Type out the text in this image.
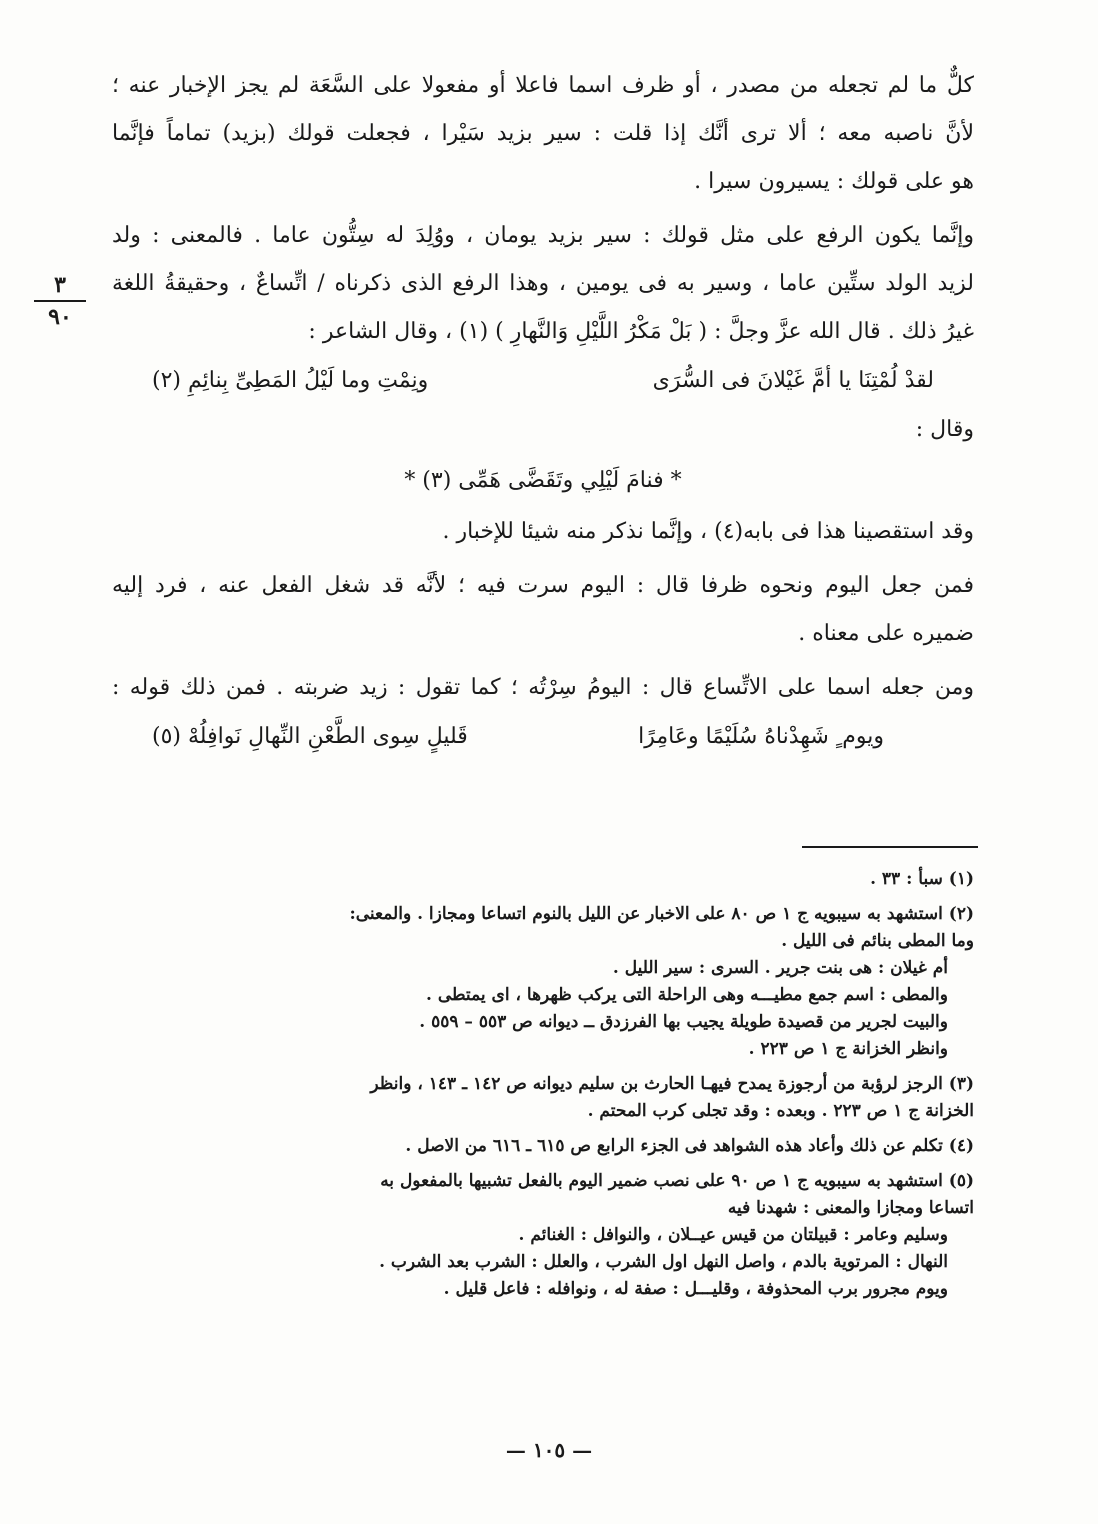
٣
٩٠
كلٌّ ما لم تجعله من مصدر ، أو ظرف اسما فاعلا أو مفعولا على السَّعَة لم يجز الإخبار عنه ؛
لأنَّ ناصبه معه ؛ ألا ترى أنَّك إذا قلت : سير بزيد سَيْرا ، فجعلت قولك (بزيد) تماماً فإنَّما
هو على قولك : يسيرون سيرا .
وإنَّما يكون الرفع على مثل قولك : سير بزيد يومان ، ووُلِدَ له سِتُّون عاما . فالمعنى : ولد
لزيد الولد ستِّين عاما ، وسير به فى يومين ، وهذا الرفع الذى ذكرناه / اتِّساعٌ ، وحقيقةُ اللغة
غيرُ ذلك . قال الله عزَّ وجلَّ : ( بَلْ مَكْرُ اللَّيْلِ وَالنَّهارِ ) (١) ، وقال الشاعر :
لقدْ لُمْتِنَا يا أمَّ غَيْلانَ فى السُّرَى
ونِمْتِ وما لَيْلُ المَطِىِّ بِنائِمِ (٢)
وقال :
* فنامَ لَيْلِي وتَقَضَّى هَمِّى (٣) *
وقد استقصينا هذا فى بابه(٤) ، وإنَّما نذكر منه شيئا للإخبار .
فمن جعل اليوم ونحوه ظرفا قال : اليوم سرت فيه ؛ لأنَّه قد شغل الفعل عنه ، فرد إليه
ضميره على معناه .
ومن جعله اسما على الاتِّساع قال : اليومُ سِرْتُه ؛ كما تقول : زيد ضربته . فمن ذلك قوله :
ويوم ٍ شَهِدْناهُ سُلَيْمًا وعَامِرًا
قَليلٍ سِوى الطَّعْنِ النِّهالِ نَوافِلُهْ (٥)
(١) سبأ : ٣٣ .
(٢) استشهد به سيبويه ج ١ ص ٨٠ على الاخبار عن الليل بالنوم اتساعا ومجازا . والمعنى:
وما المطى بنائم فى الليل .
أم غيلان : هى بنت جرير . السرى : سير الليل .
والمطى : اسم جمع مطيـــه وهى الراحلة التى يركب ظهرها ، اى يمتطى .
والبيت لجرير من قصيدة طويلة يجيب بها الفرزدق ــ ديوانه ص ٥٥٣ – ٥٥٩ .
وانظر الخزانة ج ١ ص ٢٢٣ .
(٣) الرجز لرؤبة من أرجوزة يمدح فيهـا الحارث بن سليم ديوانه ص ١٤٢ ـ ١٤٣ ، وانظر
الخزانة ج ١ ص ٢٢٣ . وبعده : وقد تجلى كرب المحتم .
(٤) تكلم عن ذلك وأعاد هذه الشواهد فى الجزء الرابع ص ٦١٥ ـ ٦١٦ من الاصل .
(٥) استشهد به سيبويه ج ١ ص ٩٠ على نصب ضمير اليوم بالفعل تشبيها بالمفعول به
اتساعا ومجازا والمعنى : شهدنا فيه
وسليم وعامر : قبيلتان من قيس عيــلان ، والنوافل : الغنائم .
النهال : المرتوية بالدم ، واصل النهل اول الشرب ، والعلل : الشرب بعد الشرب .
ويوم مجرور برب المحذوفة ، وقليـــل : صفة له ، ونوافله : فاعل قليل .
— ١٠٥ —
